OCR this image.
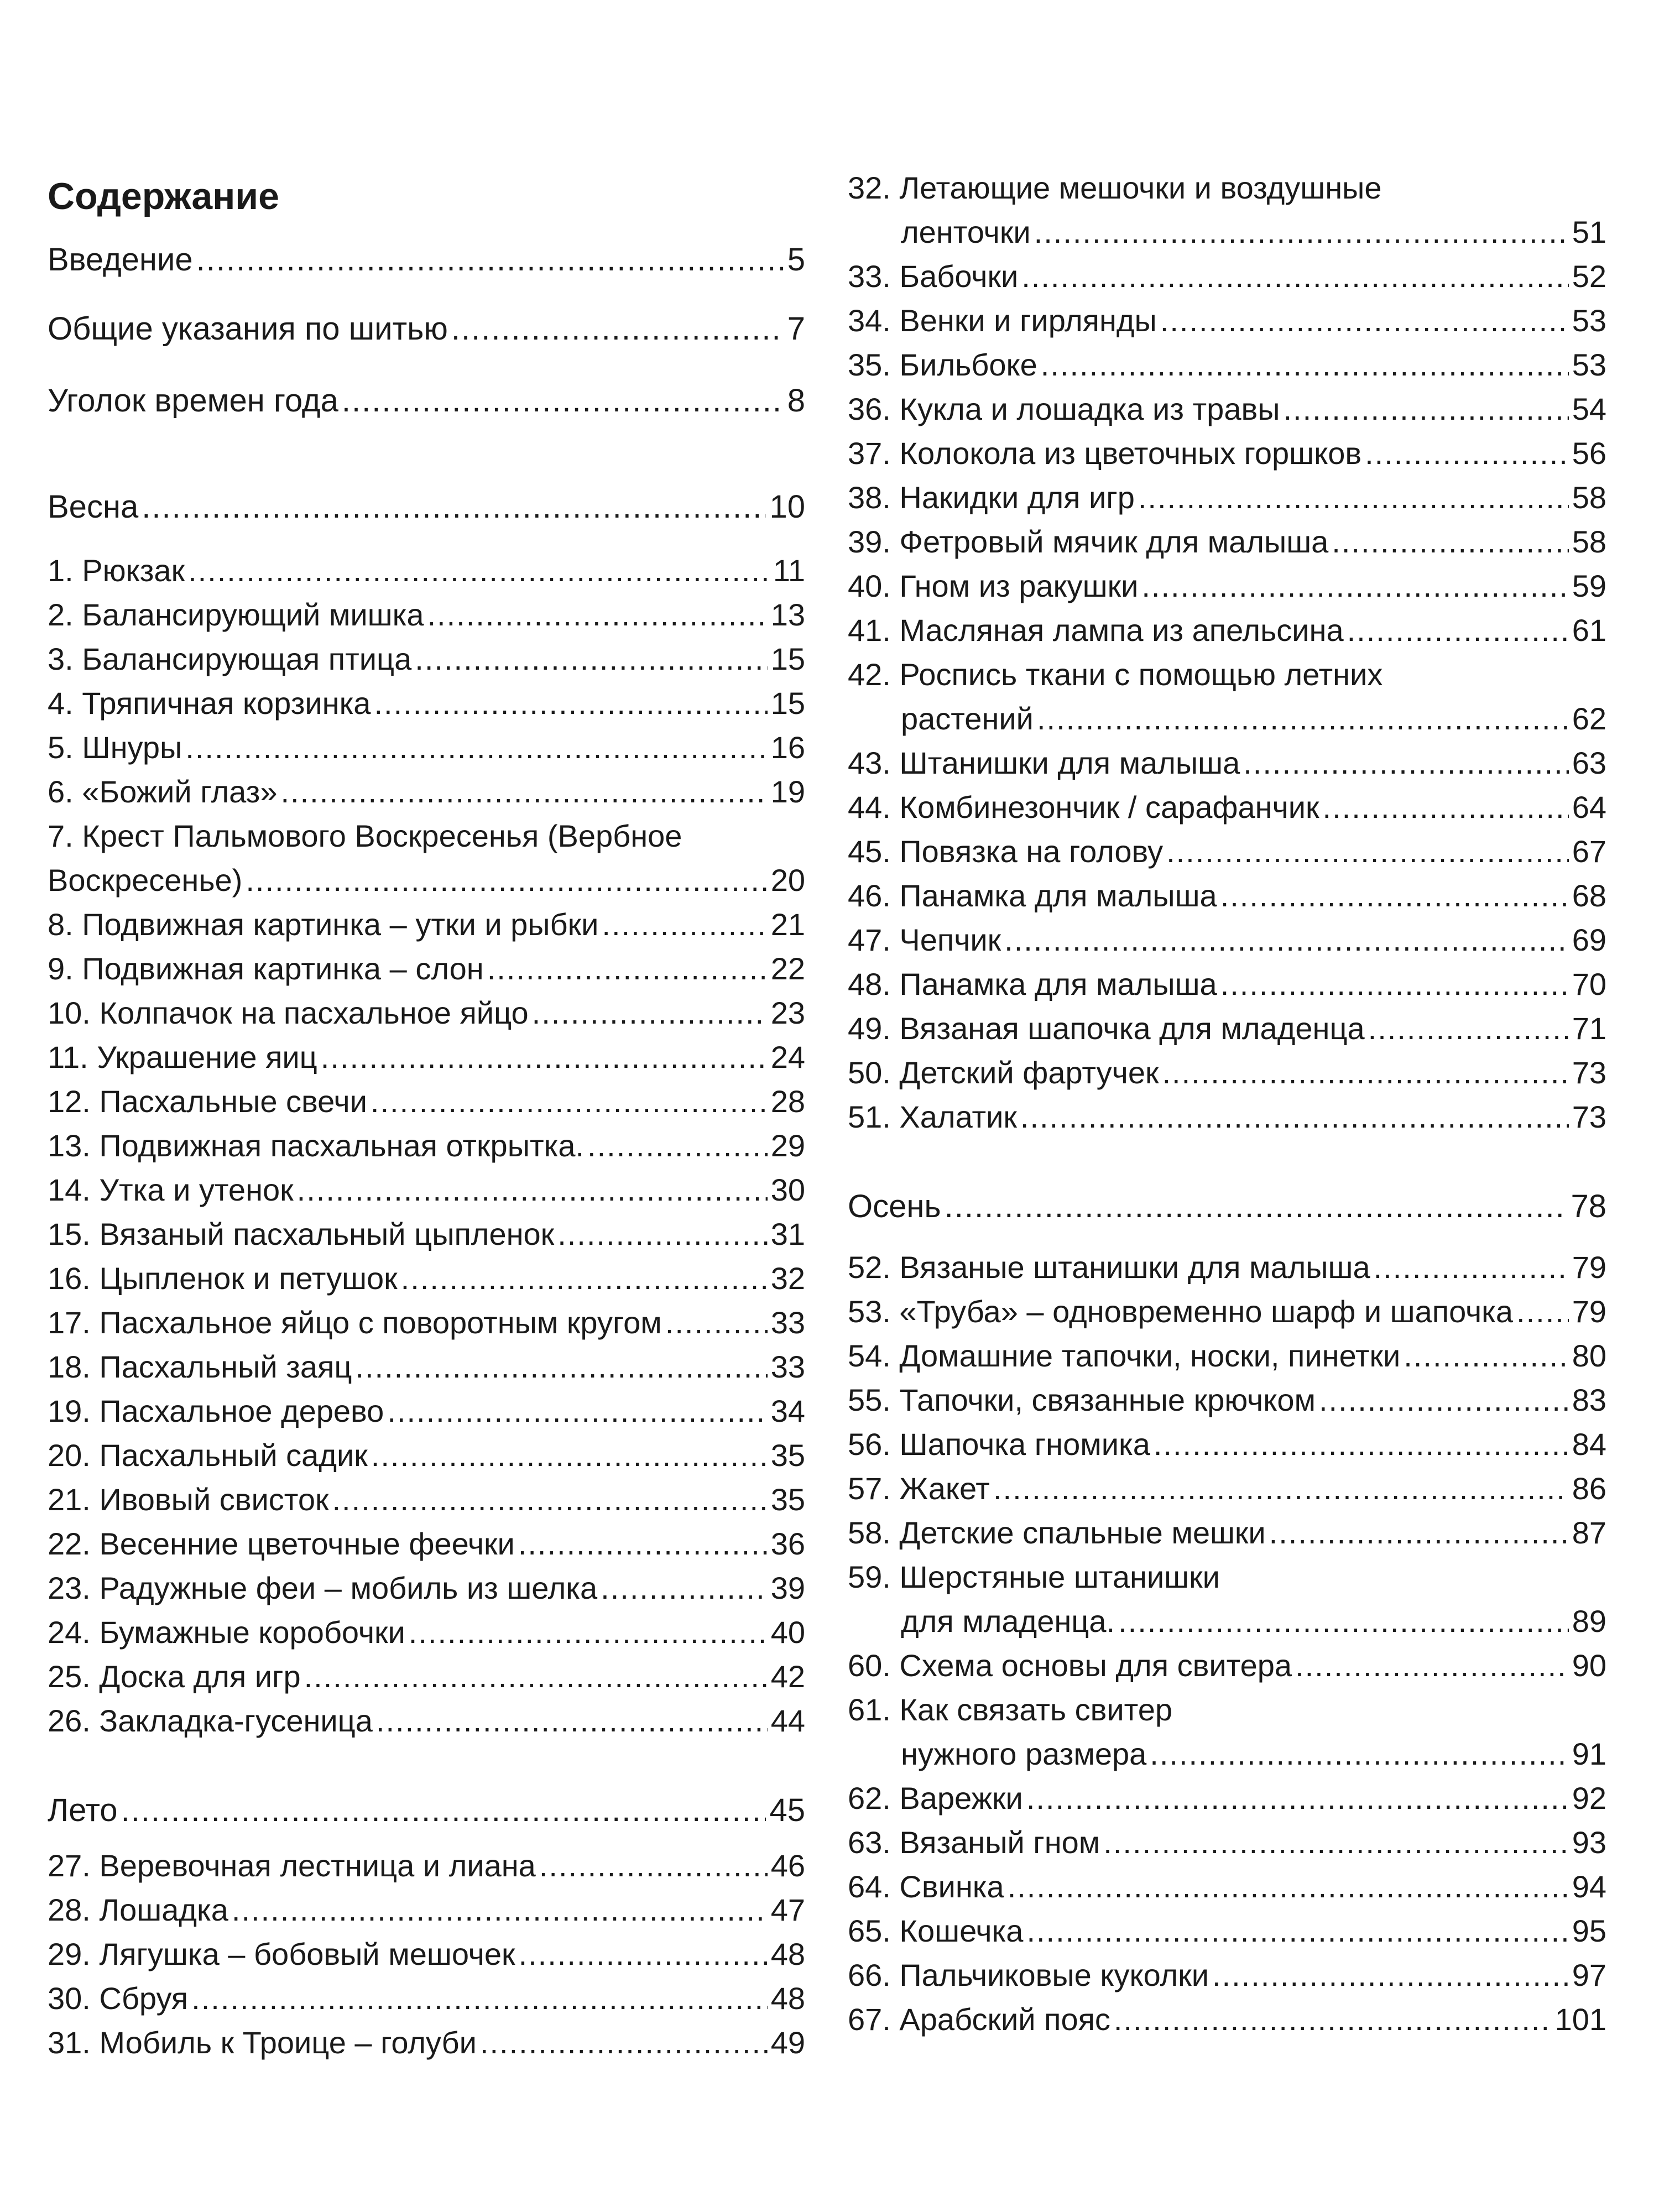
Содержание
Введение .....	5
Общие указания по шитью .....	7
Уголок времен года .....	8
Весна .....	10
1. Рюкзак .....	11
2. Балансирующий мишка .....	13
3. Балансирующая птица .....	15
4. Тряпичная корзинка .....	15
5. Шнуры .....	16
6. «Божий глаз» .....	19
7. Крест Пальмового Воскресенья (Вербное
Воскресенье) .....	20
8. Подвижная картинка – утки и рыбки .....	21
9. Подвижная картинка – слон .....	22
10. Колпачок на пасхальное яйцо .....	23
11. Украшение яиц .....	24
12. Пасхальные свечи .....	28
13. Подвижная пасхальная открытка. .....	29
14. Утка и утенок .....	30
15. Вязаный пасхальный цыпленок .....	31
16. Цыпленок и петушок .....	32
17. Пасхальное яйцо с поворотным кругом .....	33
18. Пасхальный заяц .....	33
19. Пасхальное дерево .....	34
20. Пасхальный садик .....	35
21. Ивовый свисток .....	35
22. Весенние цветочные феечки .....	36
23. Радужные феи – мобиль из шелка .....	39
24. Бумажные коробочки .....	40
25. Доска для игр .....	42
26. Закладка-гусеница .....	44
Лето .....	45
27. Веревочная лестница и лиана .....	46
28. Лошадка .....	47
29. Лягушка – бобовый мешочек .....	48
30. Сбруя .....	48
31. Мобиль к Троице – голуби .....	49
32. Летающие мешочки и воздушные
ленточки .....	51
33. Бабочки .....	52
34. Венки и гирлянды .....	53
35. Бильбоке .....	53
36. Кукла и лошадка из травы .....	54
37. Колокола из цветочных горшков .....	56
38. Накидки для игр .....	58
39. Фетровый мячик для малыша .....	58
40. Гном из ракушки .....	59
41. Масляная лампа из апельсина .....	61
42. Роспись ткани с помощью летних
растений .....	62
43. Штанишки для малыша .....	63
44. Комбинезончик / сарафанчик .....	64
45. Повязка на голову .....	67
46. Панамка для малыша .....	68
47. Чепчик .....	69
48. Панамка для малыша .....	70
49. Вязаная шапочка для младенца .....	71
50. Детский фартучек .....	73
51. Халатик .....	73
Осень .....	78
52. Вязаные штанишки для малыша .....	79
53. «Труба» – одновременно шарф и шапочка ..... 79
54. Домашние тапочки, носки, пинетки .....	80
55. Тапочки, связанные крючком .....	83
56. Шапочка гномика .....	84
57. Жакет .....	86
58. Детские спальные мешки .....	87
59. Шерстяные штанишки
для младенца. .....	89
60. Схема основы для свитера .....	90
61. Как связать свитер
нужного размера .....	91
62. Варежки .....	92
63. Вязаный гном .....	93
64. Свинка .....	94
65. Кошечка .....	95
66. Пальчиковые куколки .....	97
67. Арабский пояс .....	101
